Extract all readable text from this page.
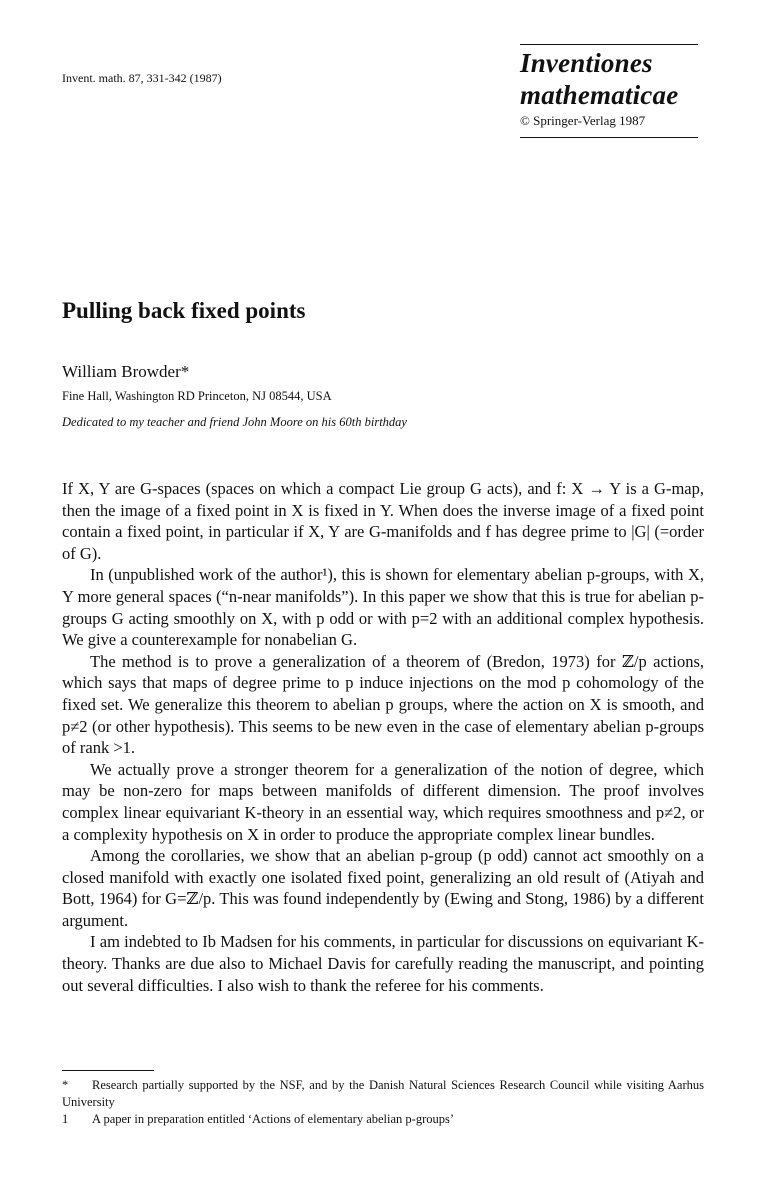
Invent. math. 87, 331-342 (1987)	Inventiones
mathematicae
© Springer-Verlag 1987
Pulling back fixed points
William Browder*
Fine Hall, Washington RD Princeton, NJ 08544, USA
Dedicated to my teacher and friend John Moore on his 60th birthday

If X, Y are G-spaces (spaces on which a compact Lie group G acts), and f: X → Y is a G-map, then the image of a fixed point in X is fixed in Y. When does the inverse image of a fixed point contain a fixed point, in particular if X, Y are G-manifolds and f has degree prime to |G| (=order of G).

In (unpublished work of the author¹), this is shown for elementary abelian p-groups, with X, Y more general spaces (“n-near manifolds”). In this paper we show that this is true for abelian p-groups G acting smoothly on X, with p odd or with p=2 with an additional complex hypothesis. We give a counterexample for nonabelian G.

The method is to prove a generalization of a theorem of (Bredon, 1973) for ℤ/p actions, which says that maps of degree prime to p induce injections on the mod p cohomology of the fixed set. We generalize this theorem to abelian p groups, where the action on X is smooth, and p≠2 (or other hypothesis). This seems to be new even in the case of elementary abelian p-groups of rank >1.

We actually prove a stronger theorem for a generalization of the notion of degree, which may be non-zero for maps between manifolds of different dimension. The proof involves complex linear equivariant K-theory in an essential way, which requires smoothness and p≠2, or a complexity hypothesis on X in order to produce the appropriate complex linear bundles.

Among the corollaries, we show that an abelian p-group (p odd) cannot act smoothly on a closed manifold with exactly one isolated fixed point, generalizing an old result of (Atiyah and Bott, 1964) for G=ℤ/p. This was found independently by (Ewing and Stong, 1986) by a different argument.

I am indebted to Ib Madsen for his comments, in particular for discussions on equivariant K-theory. Thanks are due also to Michael Davis for carefully reading the manuscript, and pointing out several difficulties. I also wish to thank the referee for his comments.

* Research partially supported by the NSF, and by the Danish Natural Sciences Research Council while visiting Aarhus University

1 A paper in preparation entitled ‘Actions of elementary abelian p-groups’
